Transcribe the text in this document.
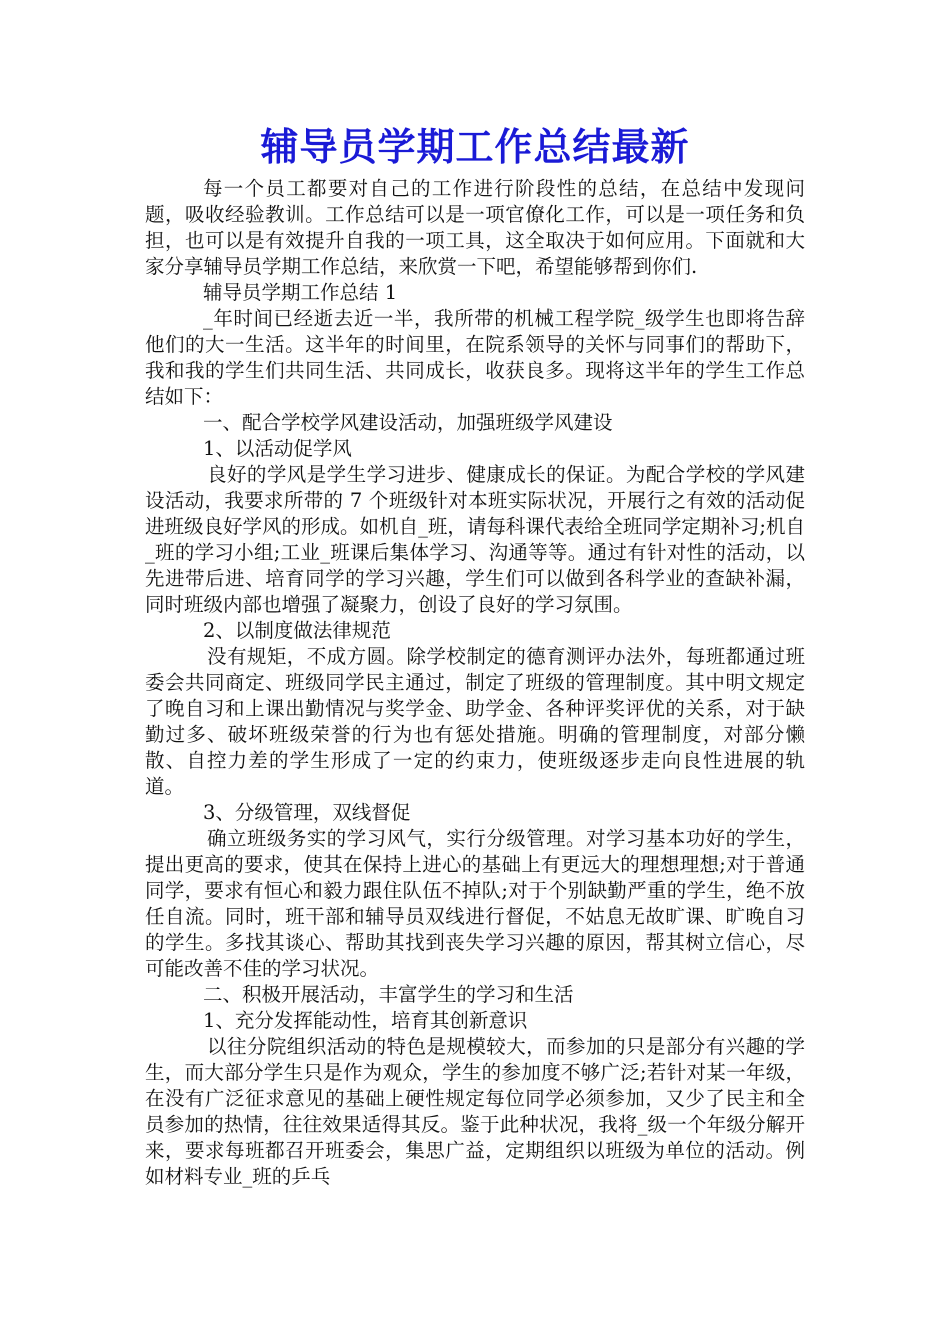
辅导员学期工作总结最新

每一个员工都要对自己的工作进行阶段性的总结，在总结中发现问题，吸收经验教训。工作总结可以是一项官僚化工作，可以是一项任务和负担，也可以是有效提升自我的一项工具，这全取决于如何应用。下面就和大家分享辅导员学期工作总结，来欣赏一下吧，希望能够帮到你们.

辅导员学期工作总结 1

_年时间已经逝去近一半，我所带的机械工程学院_级学生也即将告辞他们的大一生活。这半年的时间里，在院系领导的关怀与同事们的帮助下，我和我的学生们共同生活、共同成长，收获良多。现将这半年的学生工作总结如下：

一、配合学校学风建设活动，加强班级学风建设

1、以活动促学风

良好的学风是学生学习进步、健康成长的保证。为配合学校的学风建设活动，我要求所带的 7 个班级针对本班实际状况，开展行之有效的活动促进班级良好学风的形成。如机自_班，请每科课代表给全班同学定期补习;机自_班的学习小组;工业_班课后集体学习、沟通等等。通过有针对性的活动，以先进带后进、培育同学的学习兴趣，学生们可以做到各科学业的查缺补漏，同时班级内部也增强了凝聚力，创设了良好的学习氛围。

2、以制度做法律规范

没有规矩，不成方圆。除学校制定的德育测评办法外，每班都通过班委会共同商定、班级同学民主通过，制定了班级的管理制度。其中明文规定了晚自习和上课出勤情况与奖学金、助学金、各种评奖评优的关系，对于缺勤过多、破坏班级荣誉的行为也有惩处措施。明确的管理制度，对部分懒散、自控力差的学生形成了一定的约束力，使班级逐步走向良性进展的轨道。

3、分级管理，双线督促

确立班级务实的学习风气，实行分级管理。对学习基本功好的学生，提出更高的要求，使其在保持上进心的基础上有更远大的理想理想;对于普通同学，要求有恒心和毅力跟住队伍不掉队;对于个别缺勤严重的学生，绝不放任自流。同时，班干部和辅导员双线进行督促，不姑息无故旷课、旷晚自习的学生。多找其谈心、帮助其找到丧失学习兴趣的原因，帮其树立信心，尽可能改善不佳的学习状况。

二、积极开展活动，丰富学生的学习和生活

1、充分发挥能动性，培育其创新意识

以往分院组织活动的特色是规模较大，而参加的只是部分有兴趣的学生，而大部分学生只是作为观众，学生的参加度不够广泛;若针对某一年级，在没有广泛征求意见的基础上硬性规定每位同学必须参加，又少了民主和全员参加的热情，往往效果适得其反。鉴于此种状况，我将_级一个年级分解开来，要求每班都召开班委会，集思广益，定期组织以班级为单位的活动。例如材料专业_班的乒乓
